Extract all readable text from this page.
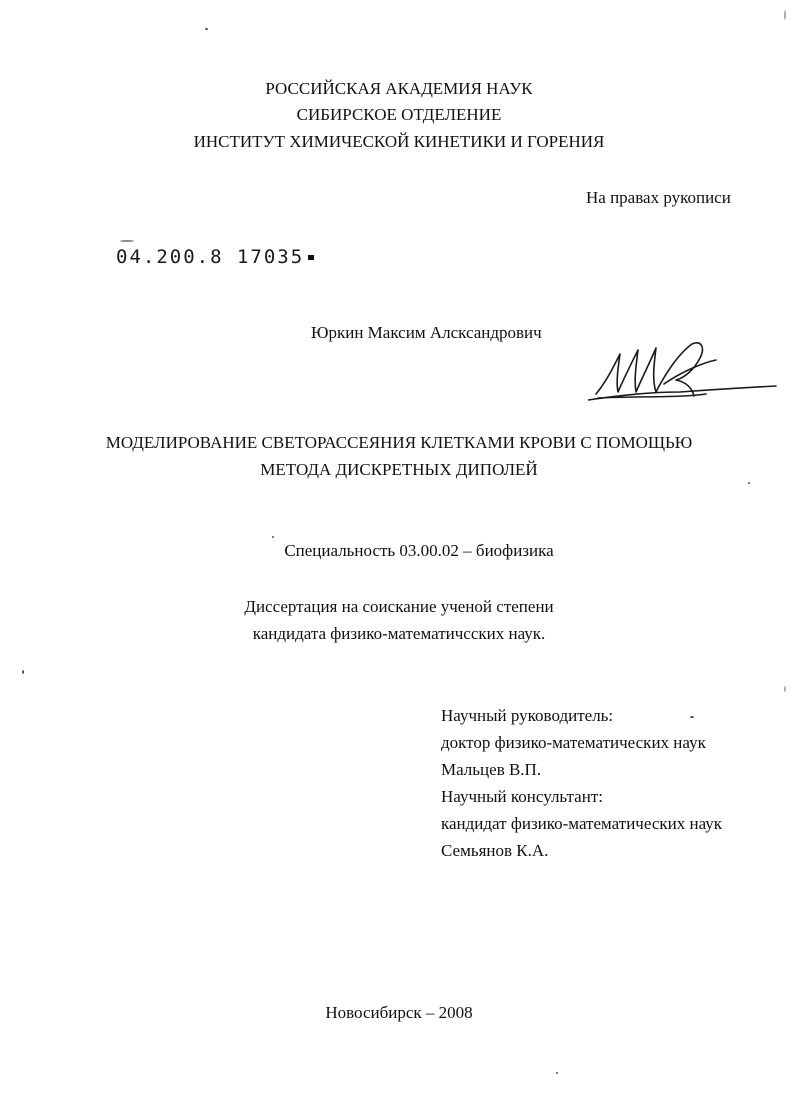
РОССИЙСКАЯ АКАДЕМИЯ НАУК
СИБИРСКОЕ ОТДЕЛЕНИЕ
ИНСТИТУТ ХИМИЧЕСКОЙ КИНЕТИКИ И ГОРЕНИЯ
На правах рукописи
04.200.8 17035
Юркин Максим Алсксандрович
МОДЕЛИРОВАНИЕ СВЕТОРАССЕЯНИЯ КЛЕТКАМИ КРОВИ С ПОМОЩЬЮ
МЕТОДА ДИСКРЕТНЫХ ДИПОЛЕЙ
Специальность 03.00.02 – биофизика
Диссертация на соискание ученой степени
кандидата физико-математичсских наук.
Научный руководитель:
доктор физико-математических наук
Мальцев В.П.
Научный консультант:
кандидат физико-математических наук
Семьянов К.А.
Новосибирск – 2008
